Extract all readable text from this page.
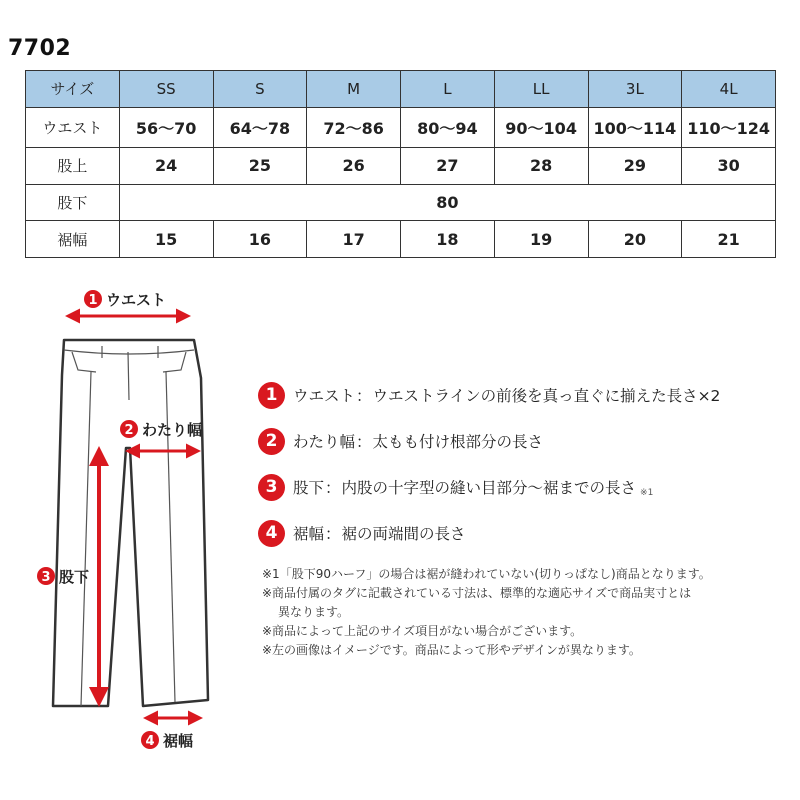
7702
サイズ	SS	S	M	L	LL	3L	4L
ウエスト	56〜70	64〜78	72〜86	80〜94	90〜104	100〜114	110〜124
股上	24	25	26	27	28	29	30
股下	80						
裾幅	15	16	17	18	19	20	21
1 ウエスト
2 わたり幅
3 股下
4 裾幅
1	ウエスト：ウエストラインの前後を真っ直ぐに揃えた長さ×2
2	わたり幅：太もも付け根部分の長さ
3	股下：内股の十字型の縫い目部分〜裾までの長さ $^{※1}$
4	裾幅：裾の両端間の長さ
※1「股下90ハーフ」の場合は裾が縫われていない(切りっぱなし)商品となります。
※商品付属のタグに記載されている寸法は、標準的な適応サイズで商品実寸とは
異なります。
※商品によって上記のサイズ項目がない場合がございます。
※左の画像はイメージです。商品によって形やデザインが異なります。
